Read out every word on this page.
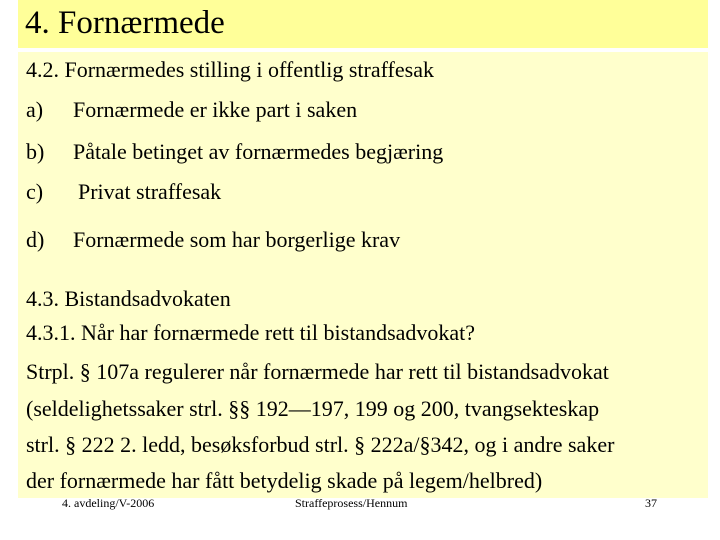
4. Fornærmede
4.2. Fornærmedes stilling i offentlig straffesak
a) Fornærmede er ikke part i saken
b) Påtale betinget av fornærmedes begjæring
c) Privat straffesak
d) Fornærmede som har borgerlige krav
4.3. Bistandsadvokaten
4.3.1. Når har fornærmede rett til bistandsadvokat?
Strpl. § 107a regulerer når fornærmede har rett til bistandsadvokat
(seldelighetssaker strl. §§ 192—197, 199 og 200, tvangsekteskap
strl. § 222 2. ledd, besøksforbud strl. § 222a/§342, og i andre saker
der fornærmede har fått betydelig skade på legem/helbred)
4. avdeling/V-2006	Straffeprosess/Hennum	37
